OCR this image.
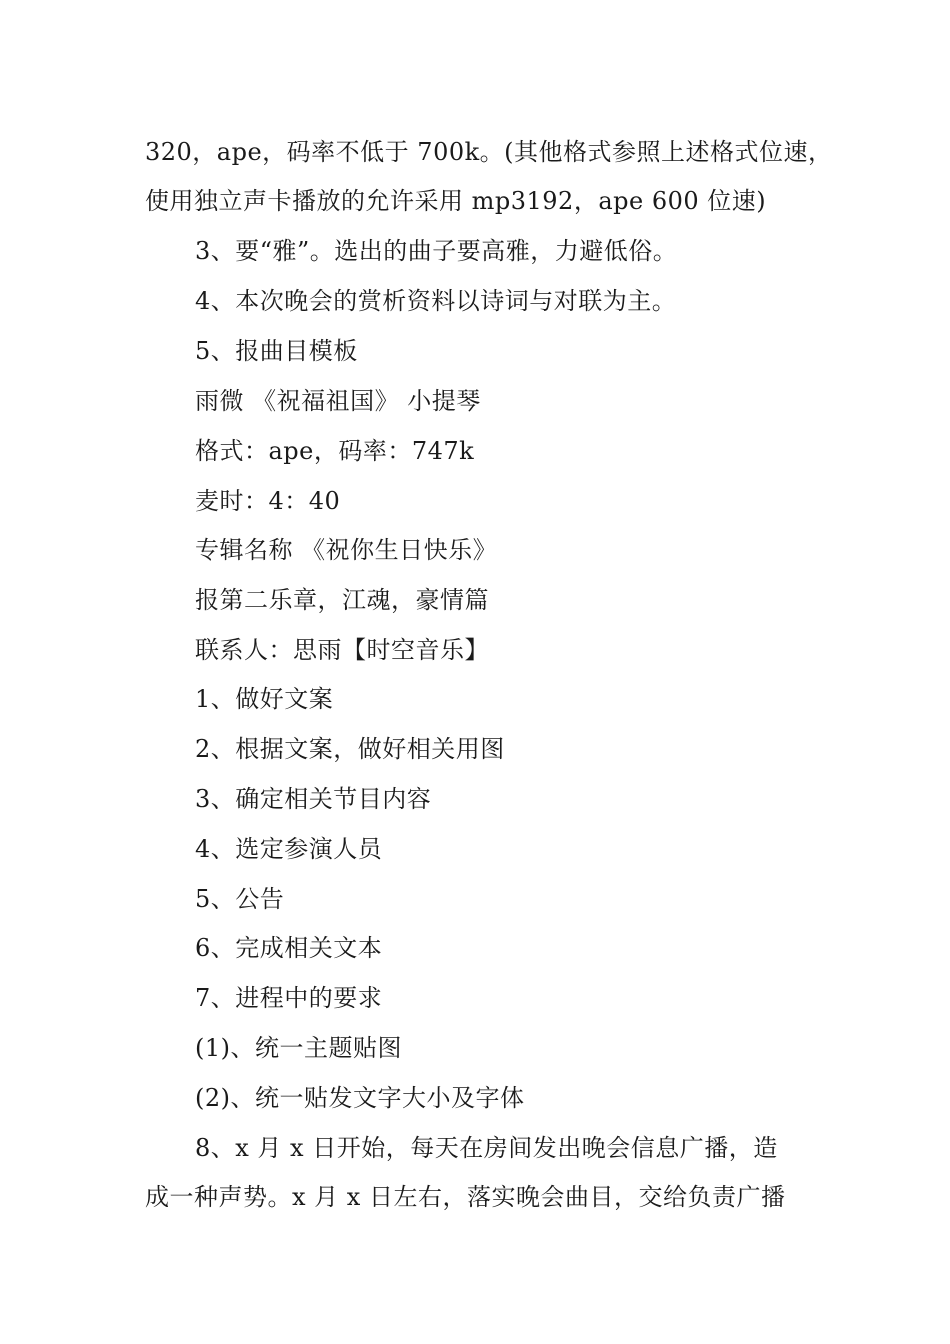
320，ape，码率不低于 700k。(其他格式参照上述格式位速，
使用独立声卡播放的允许采用 mp3192，ape 600 位速)
3、要“雅”。选出的曲子要高雅，力避低俗。
4、本次晚会的赏析资料以诗词与对联为主。
5、报曲目模板
雨微 《祝福祖国》 小提琴
格式：ape，码率：747k
麦时：4：40
专辑名称 《祝你生日快乐》
报第二乐章，江魂，豪情篇
联系人：思雨【时空音乐】
1、做好文案
2、根据文案，做好相关用图
3、确定相关节目内容
4、选定参演人员
5、公告
6、完成相关文本
7、进程中的要求
(1)、统一主题贴图
(2)、统一贴发文字大小及字体
8、x 月 x 日开始，每天在房间发出晚会信息广播，造
成一种声势。x 月 x 日左右，落实晚会曲目，交给负责广播
